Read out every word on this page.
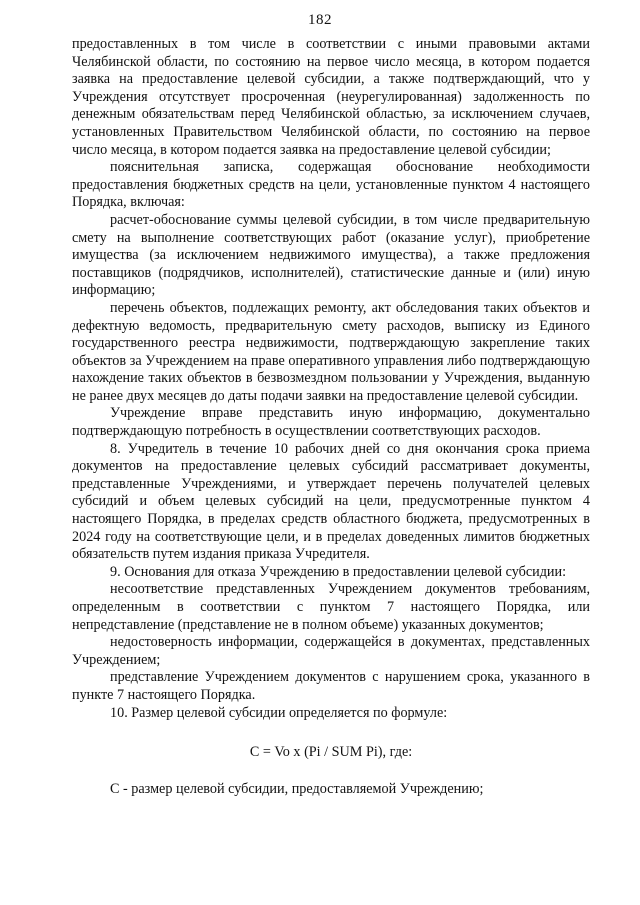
182

предоставленных в том числе в соответствии с иными правовыми актами Челябинской области, по состоянию на первое число месяца, в котором подается заявка на предоставление целевой субсидии, а также подтверждающий, что у Учреждения отсутствует просроченная (неурегулированная) задолженность по денежным обязательствам перед Челябинской областью, за исключением случаев, установленных Правительством Челябинской области, по состоянию на первое число месяца, в котором подается заявка на предоставление целевой субсидии;

пояснительная записка, содержащая обоснование необходимости предоставления бюджетных средств на цели, установленные пунктом 4 настоящего Порядка, включая:

расчет-обоснование суммы целевой субсидии, в том числе предварительную смету на выполнение соответствующих работ (оказание услуг), приобретение имущества (за исключением недвижимого имущества), а также предложения поставщиков (подрядчиков, исполнителей), статистические данные и (или) иную информацию;

перечень объектов, подлежащих ремонту, акт обследования таких объектов и дефектную ведомость, предварительную смету расходов, выписку из Единого государственного реестра недвижимости, подтверждающую закрепление таких объектов за Учреждением на праве оперативного управления либо подтверждающую нахождение таких объектов в безвозмездном пользовании у Учреждения, выданную не ранее двух месяцев до даты подачи заявки на предоставление целевой субсидии.

Учреждение вправе представить иную информацию, документально подтверждающую потребность в осуществлении соответствующих расходов.

8. Учредитель в течение 10 рабочих дней со дня окончания срока приема документов на предоставление целевых субсидий рассматривает документы, представленные Учреждениями, и утверждает перечень получателей целевых субсидий и объем целевых субсидий на цели, предусмотренные пунктом 4 настоящего Порядка, в пределах средств областного бюджета, предусмотренных в 2024 году на соответствующие цели, и в пределах доведенных лимитов бюджетных обязательств путем издания приказа Учредителя.

9. Основания для отказа Учреждению в предоставлении целевой субсидии:

несоответствие представленных Учреждением документов требованиям, определенным в соответствии с пунктом 7 настоящего Порядка, или непредставление (представление не в полном объеме) указанных документов;

недостоверность информации, содержащейся в документах, представленных Учреждением;

представление Учреждением документов с нарушением срока, указанного в пункте 7 настоящего Порядка.

10. Размер целевой субсидии определяется по формуле:

С = Vo x (Pi / SUM Pi), где:

С - размер целевой субсидии, предоставляемой Учреждению;
